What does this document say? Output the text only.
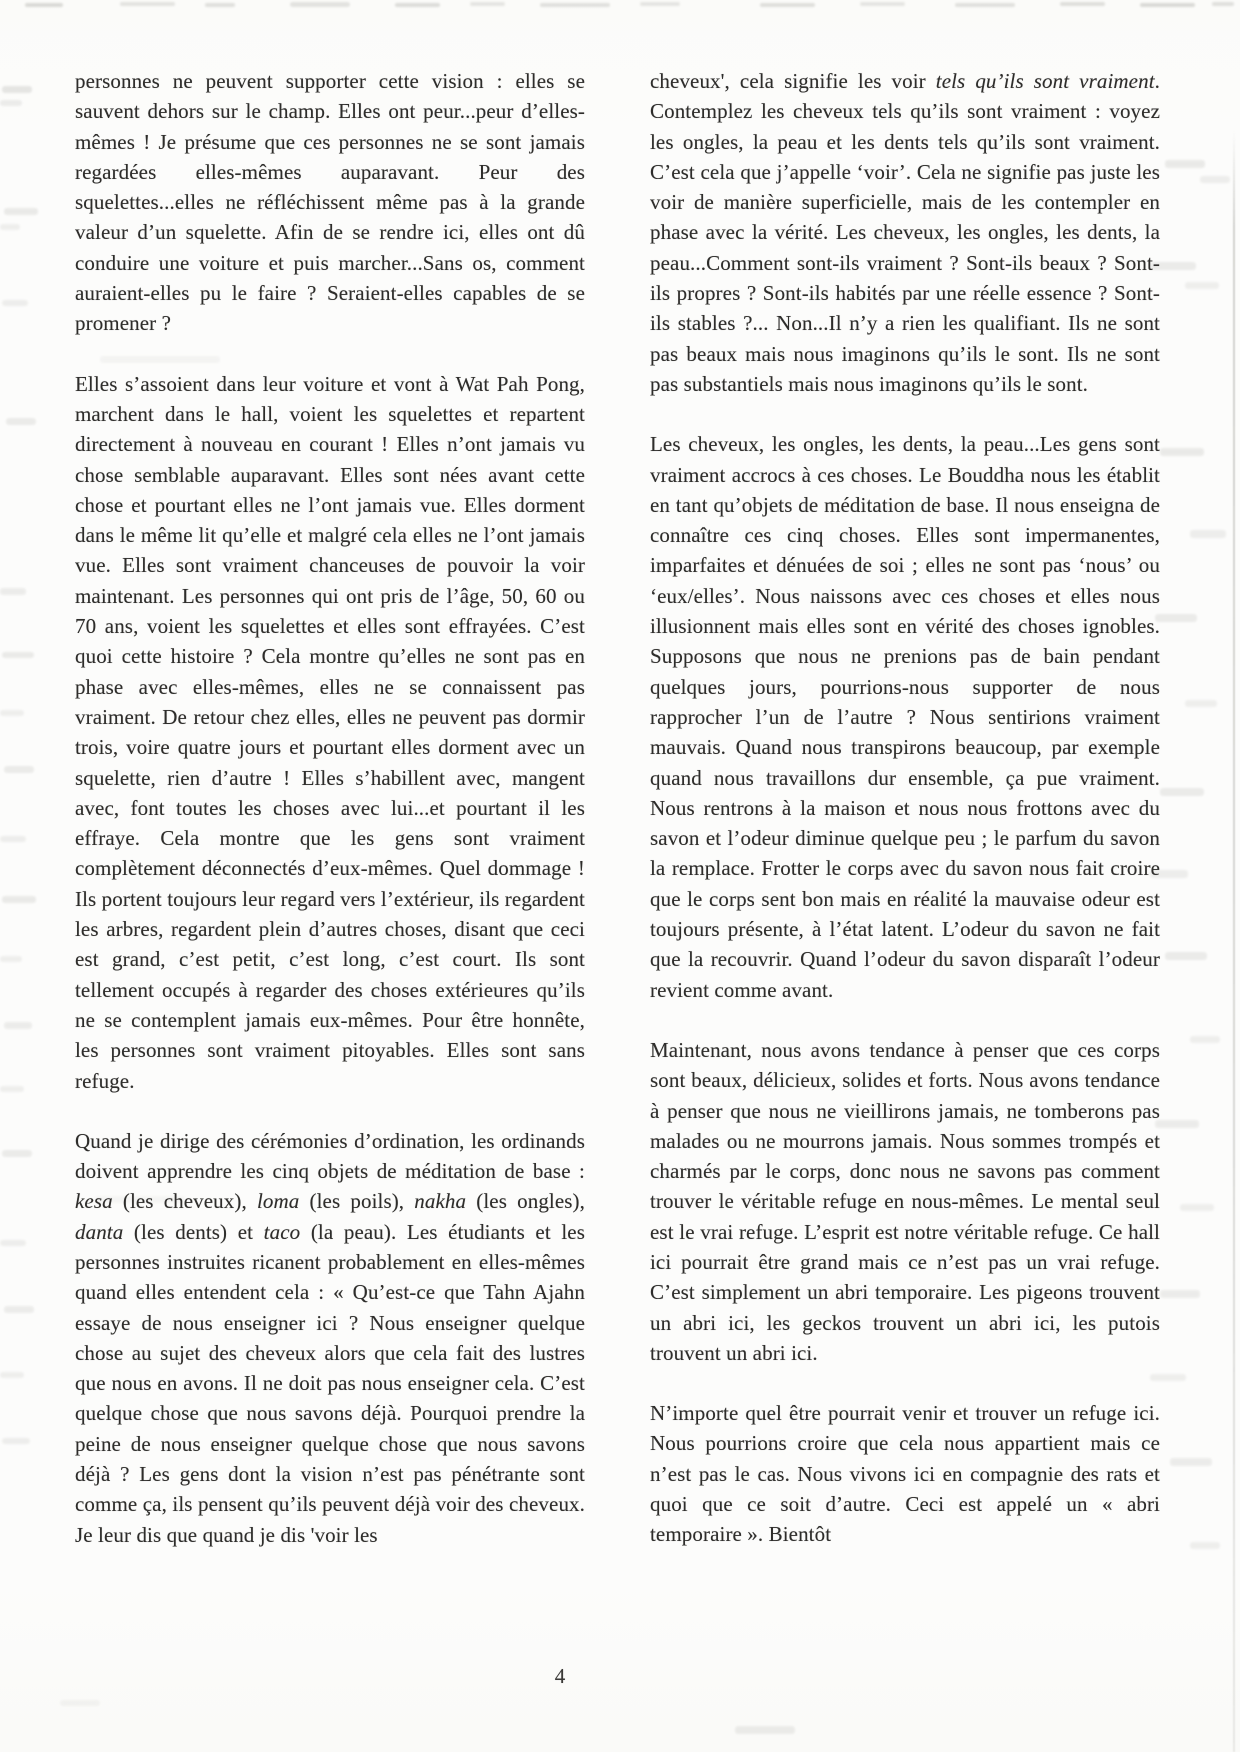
personnes ne peuvent supporter cette vision : elles se sauvent dehors sur le champ. Elles ont peur...peur d’elles-mêmes ! Je présume que ces personnes ne se sont jamais regardées elles-mêmes auparavant. Peur des squelettes...elles ne réfléchissent même pas à la grande valeur d’un squelette. Afin de se rendre ici, elles ont dû conduire une voiture et puis marcher...Sans os, comment auraient-elles pu le faire ? Seraient-elles capables de se promener ?

Elles s’assoient dans leur voiture et vont à Wat Pah Pong, marchent dans le hall, voient les squelettes et repartent directement à nouveau en courant ! Elles n’ont jamais vu chose semblable auparavant. Elles sont nées avant cette chose et pourtant elles ne l’ont jamais vue. Elles dorment dans le même lit qu’elle et malgré cela elles ne l’ont jamais vue. Elles sont vraiment chanceuses de pouvoir la voir maintenant. Les personnes qui ont pris de l’âge, 50, 60 ou 70 ans, voient les squelettes et elles sont effrayées. C’est quoi cette histoire ? Cela montre qu’elles ne sont pas en phase avec elles-mêmes, elles ne se connaissent pas vraiment. De retour chez elles, elles ne peuvent pas dormir trois, voire quatre jours et pourtant elles dorment avec un squelette, rien d’autre ! Elles s’habillent avec, mangent avec, font toutes les choses avec lui...et pourtant il les effraye. Cela montre que les gens sont vraiment complètement déconnectés d’eux-mêmes. Quel dommage ! Ils portent toujours leur regard vers l’extérieur, ils regardent les arbres, regardent plein d’autres choses, disant que ceci est grand, c’est petit, c’est long, c’est court. Ils sont tellement occupés à regarder des choses extérieures qu’ils ne se contemplent jamais eux-mêmes. Pour être honnête, les personnes sont vraiment pitoyables. Elles sont sans refuge.

Quand je dirige des cérémonies d’ordination, les ordinands doivent apprendre les cinq objets de méditation de base : kesa (les cheveux), loma (les poils), nakha (les ongles), danta (les dents) et taco (la peau). Les étudiants et les personnes instruites ricanent probablement en elles-mêmes quand elles entendent cela : « Qu’est-ce que Tahn Ajahn essaye de nous enseigner ici ? Nous enseigner quelque chose au sujet des cheveux alors que cela fait des lustres que nous en avons. Il ne doit pas nous enseigner cela. C’est quelque chose que nous savons déjà. Pourquoi prendre la peine de nous enseigner quelque chose que nous savons déjà ? Les gens dont la vision n’est pas pénétrante sont comme ça, ils pensent qu’ils peuvent déjà voir des cheveux. Je leur dis que quand je dis 'voir les

cheveux', cela signifie les voir tels qu’ils sont vraiment. Contemplez les cheveux tels qu’ils sont vraiment : voyez les ongles, la peau et les dents tels qu’ils sont vraiment. C’est cela que j’appelle ‘voir’. Cela ne signifie pas juste les voir de manière superficielle, mais de les contempler en phase avec la vérité. Les cheveux, les ongles, les dents, la peau...Comment sont-ils vraiment ? Sont-ils beaux ? Sont-ils propres ? Sont-ils habités par une réelle essence ? Sont-ils stables ?... Non...Il n’y a rien les qualifiant. Ils ne sont pas beaux mais nous imaginons qu’ils le sont. Ils ne sont pas substantiels mais nous imaginons qu’ils le sont.

Les cheveux, les ongles, les dents, la peau...Les gens sont vraiment accrocs à ces choses. Le Bouddha nous les établit en tant qu’objets de méditation de base. Il nous enseigna de connaître ces cinq choses. Elles sont impermanentes, imparfaites et dénuées de soi ; elles ne sont pas ‘nous’ ou ‘eux/elles’. Nous naissons avec ces choses et elles nous illusionnent mais elles sont en vérité des choses ignobles. Supposons que nous ne prenions pas de bain pendant quelques jours, pourrions-nous supporter de nous rapprocher l’un de l’autre ? Nous sentirions vraiment mauvais. Quand nous transpirons beaucoup, par exemple quand nous travaillons dur ensemble, ça pue vraiment. Nous rentrons à la maison et nous nous frottons avec du savon et l’odeur diminue quelque peu ; le parfum du savon la remplace. Frotter le corps avec du savon nous fait croire que le corps sent bon mais en réalité la mauvaise odeur est toujours présente, à l’état latent. L’odeur du savon ne fait que la recouvrir. Quand l’odeur du savon disparaît l’odeur revient comme avant.

Maintenant, nous avons tendance à penser que ces corps sont beaux, délicieux, solides et forts. Nous avons tendance à penser que nous ne vieillirons jamais, ne tomberons pas malades ou ne mourrons jamais. Nous sommes trompés et charmés par le corps, donc nous ne savons pas comment trouver le véritable refuge en nous-mêmes. Le mental seul est le vrai refuge. L’esprit est notre véritable refuge. Ce hall ici pourrait être grand mais ce n’est pas un vrai refuge. C’est simplement un abri temporaire. Les pigeons trouvent un abri ici, les geckos trouvent un abri ici, les putois trouvent un abri ici.

N’importe quel être pourrait venir et trouver un refuge ici. Nous pourrions croire que cela nous appartient mais ce n’est pas le cas. Nous vivons ici en compagnie des rats et quoi que ce soit d’autre. Ceci est appelé un « abri temporaire ». Bientôt

4
